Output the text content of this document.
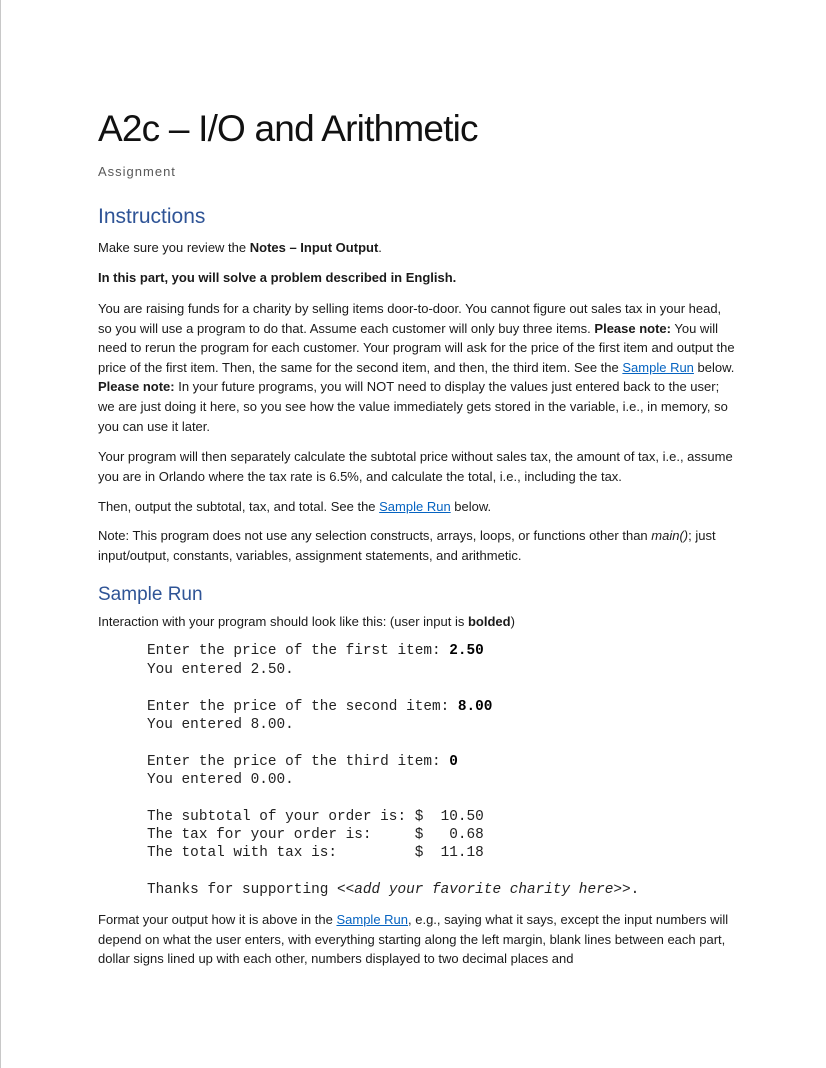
A2c – I/O and Arithmetic
Assignment
Instructions
Make sure you review the Notes – Input Output.
In this part, you will solve a problem described in English.
You are raising funds for a charity by selling items door-to-door. You cannot figure out sales tax in your head, so you will use a program to do that. Assume each customer will only buy three items. Please note: You will need to rerun the program for each customer. Your program will ask for the price of the first item and output the price of the first item. Then, the same for the second item, and then, the third item. See the Sample Run below. Please note: In your future programs, you will NOT need to display the values just entered back to the user; we are just doing it here, so you see how the value immediately gets stored in the variable, i.e., in memory, so you can use it later.
Your program will then separately calculate the subtotal price without sales tax, the amount of tax, i.e., assume you are in Orlando where the tax rate is 6.5%, and calculate the total, i.e., including the tax.
Then, output the subtotal, tax, and total. See the Sample Run below.
Note: This program does not use any selection constructs, arrays, loops, or functions other than main(); just input/output, constants, variables, assignment statements, and arithmetic.
Sample Run
Interaction with your program should look like this: (user input is bolded)
Enter the price of the first item: 2.50
You entered 2.50.
Enter the price of the second item: 8.00
You entered 8.00.
Enter the price of the third item: 0
You entered 0.00.
The subtotal of your order is: $  10.50
The tax for your order is:     $   0.68
The total with tax is:         $  11.18
Thanks for supporting <<add your favorite charity here>>.
Format your output how it is above in the Sample Run, e.g., saying what it says, except the input numbers will depend on what the user enters, with everything starting along the left margin, blank lines between each part, dollar signs lined up with each other, numbers displayed to two decimal places and
